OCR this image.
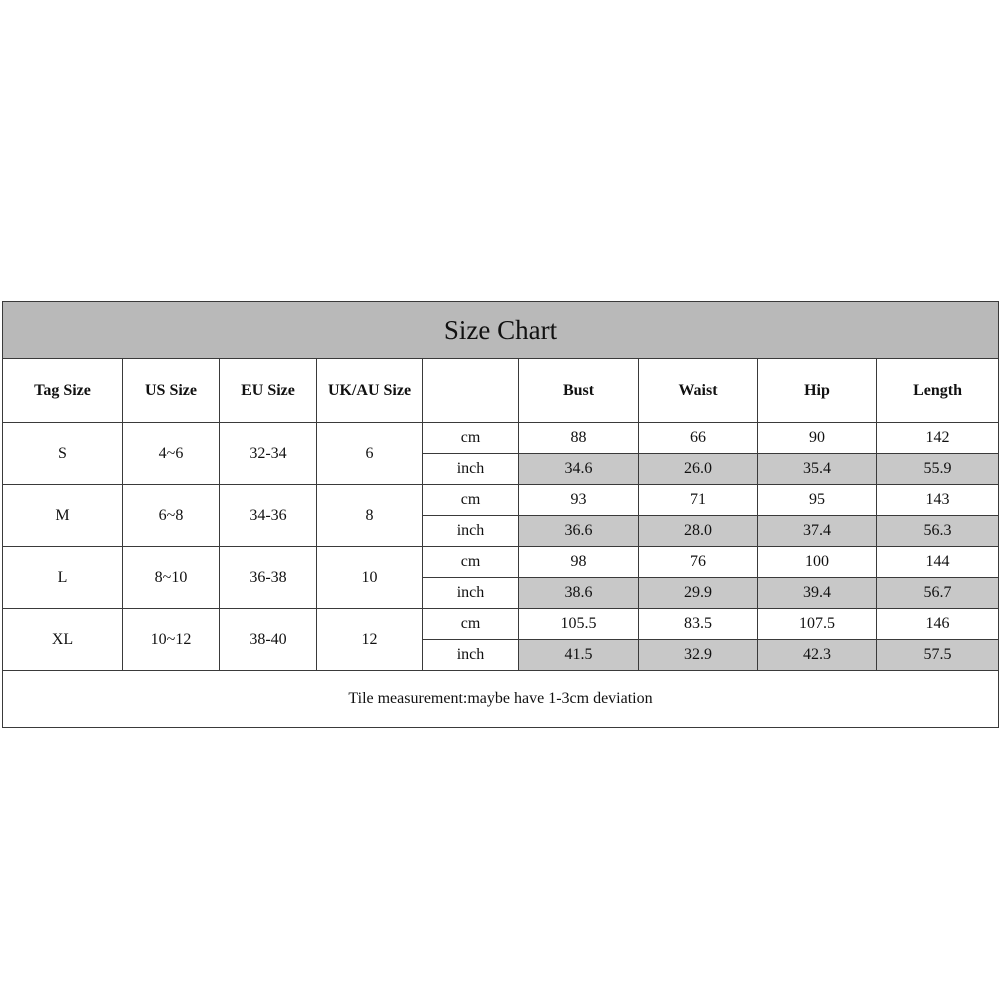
Size Chart								
Tag Size	US Size	EU Size	UK/AU Size		Bust	Waist	Hip	Length
S	4~6	32-34	6	cm	88	66	90	142
				inch	34.6	26.0	35.4	55.9
M	6~8	34-36	8	cm	93	71	95	143
				inch	36.6	28.0	37.4	56.3
L	8~10	36-38	10	cm	98	76	100	144
				inch	38.6	29.9	39.4	56.7
XL	10~12	38-40	12	cm	105.5	83.5	107.5	146
				inch	41.5	32.9	42.3	57.5
Tile measurement:maybe have 1-3cm deviation								
